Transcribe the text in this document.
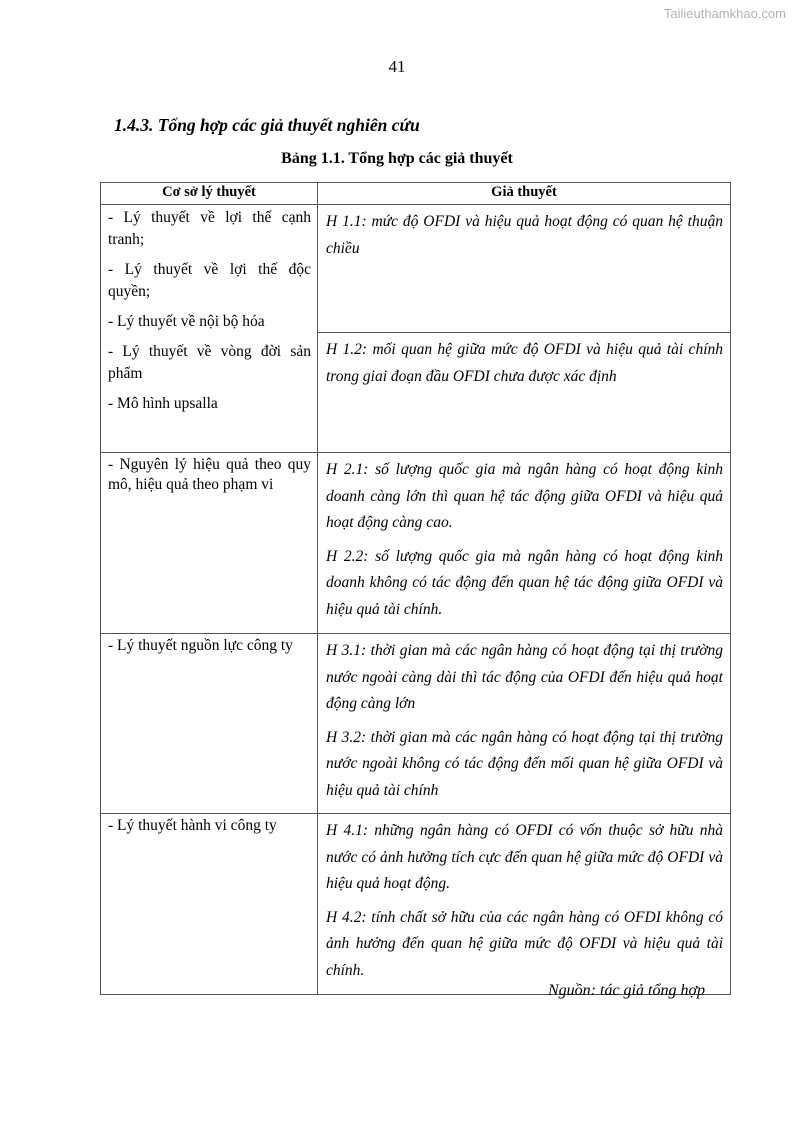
Tailieuthamkhao.com
41
1.4.3. Tổng hợp các giả thuyết nghiên cứu
Bảng 1.1. Tổng hợp các giả thuyết
Cơ sở lý thuyết	Giả thuyết

- Lý thuyết về lợi thế cạnh tranh;

- Lý thuyết về lợi thế độc quyền;

- Lý thuyết về nội bộ hóa

- Lý thuyết về vòng đời sản phẩm

- Mô hình upsalla	H 1.1: mức độ OFDI và hiệu quả hoạt động có quan hệ thuận chiều

	H 1.2: mối quan hệ giữa mức độ OFDI và hiệu quả tài chính trong giai đoạn đầu OFDI chưa được xác định

- Nguyên lý hiệu quả theo quy mô, hiệu quả theo phạm vi	H 2.1: số lượng quốc gia mà ngân hàng có hoạt động kinh doanh càng lớn thì quan hệ tác động giữa OFDI và hiệu quả hoạt động càng cao.

H 2.2: số lượng quốc gia mà ngân hàng có hoạt động kinh doanh không có tác động đến quan hệ tác động giữa OFDI và hiệu quả tài chính.

- Lý thuyết nguồn lực công ty	H 3.1: thời gian mà các ngân hàng có hoạt động tại thị trường nước ngoài càng dài thì tác động của OFDI đến hiệu quả hoạt động càng lớn

H 3.2: thời gian mà các ngân hàng có hoạt động tại thị trường nước ngoài không có tác động đến mối quan hệ giữa OFDI và hiệu quả tài chính

- Lý thuyết hành vi công ty	H 4.1: những ngân hàng có OFDI có vốn thuộc sở hữu nhà nước có ảnh hưởng tích cực đến quan hệ giữa mức độ OFDI và hiệu quả hoạt động.

H 4.2: tính chất sở hữu của các ngân hàng có OFDI không có ảnh hưởng đến quan hệ giữa mức độ OFDI và hiệu quả tài chính.

Nguồn: tác giả tổng hợp
